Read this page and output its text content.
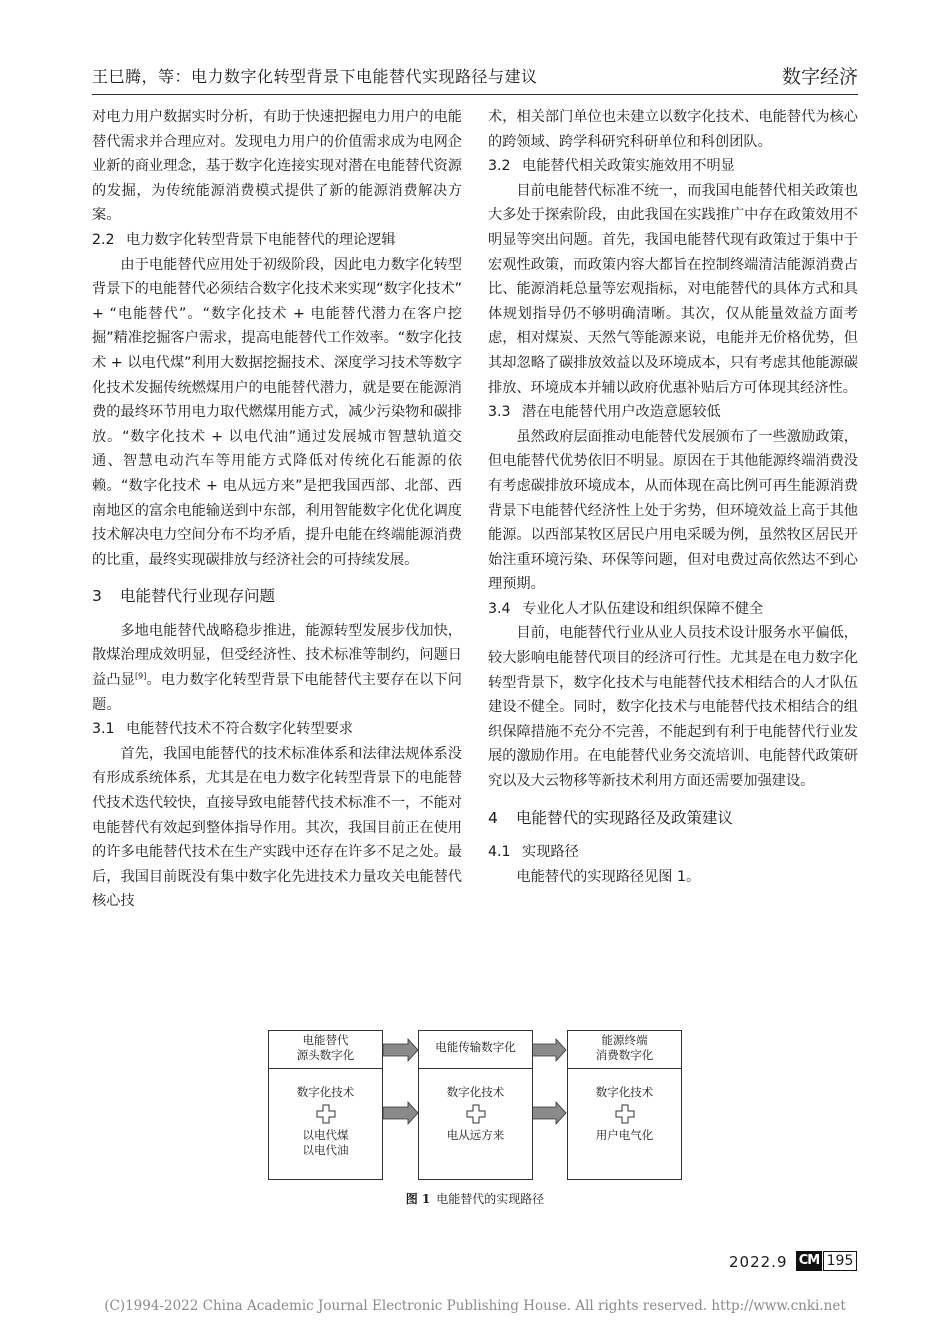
王巳腾，等：电力数字化转型背景下电能替代实现路径与建议	数字经济

对电力用户数据实时分析，有助于快速把握电力用户的电能替代需求并合理应对。发现电力用户的价值需求成为电网企业新的商业理念，基于数字化连接实现对潜在电能替代资源的发掘，为传统能源消费模式提供了新的能源消费解决方案。

2.2 电力数字化转型背景下电能替代的理论逻辑

由于电能替代应用处于初级阶段，因此电力数字化转型背景下的电能替代必须结合数字化技术来实现“数字化技术” + “电能替代”。“数字化技术 + 电能替代潜力在客户挖掘”精准挖掘客户需求，提高电能替代工作效率。“数字化技术 + 以电代煤”利用大数据挖掘技术、深度学习技术等数字化技术发掘传统燃煤用户的电能替代潜力，就是要在能源消费的最终环节用电力取代燃煤用能方式，减少污染物和碳排放。“数字化技术 + 以电代油”通过发展城市智慧轨道交通、智慧电动汽车等用能方式降低对传统化石能源的依赖。“数字化技术 + 电从远方来”是把我国西部、北部、西南地区的富余电能输送到中东部，利用智能数字化优化调度技术解决电力空间分布不均矛盾，提升电能在终端能源消费的比重，最终实现碳排放与经济社会的可持续发展。

3 电能替代行业现存问题

多地电能替代战略稳步推进，能源转型发展步伐加快，散煤治理成效明显，但受经济性、技术标准等制约，问题日益凸显[9]。电力数字化转型背景下电能替代主要存在以下问题。

3.1 电能替代技术不符合数字化转型要求

首先，我国电能替代的技术标准体系和法律法规体系没有形成系统体系，尤其是在电力数字化转型背景下的电能替代技术迭代较快，直接导致电能替代技术标准不一，不能对电能替代有效起到整体指导作用。其次，我国目前正在使用的许多电能替代技术在生产实践中还存在许多不足之处。最后，我国目前既没有集中数字化先进技术力量攻关电能替代核心技

术，相关部门单位也未建立以数字化技术、电能替代为核心的跨领域、跨学科研究科研单位和科创团队。

3.2 电能替代相关政策实施效用不明显

目前电能替代标准不统一，而我国电能替代相关政策也大多处于探索阶段，由此我国在实践推广中存在政策效用不明显等突出问题。首先，我国电能替代现有政策过于集中于宏观性政策，而政策内容大都旨在控制终端清洁能源消费占比、能源消耗总量等宏观指标，对电能替代的具体方式和具体规划指导仍不够明确清晰。其次，仅从能量效益方面考虑，相对煤炭、天然气等能源来说，电能并无价格优势，但其却忽略了碳排放效益以及环境成本，只有考虑其他能源碳排放、环境成本并辅以政府优惠补贴后方可体现其经济性。

3.3 潜在电能替代用户改造意愿较低

虽然政府层面推动电能替代发展颁布了一些激励政策，但电能替代优势依旧不明显。原因在于其他能源终端消费没有考虑碳排放环境成本，从而体现在高比例可再生能源消费背景下电能替代经济性上处于劣势，但环境效益上高于其他能源。以西部某牧区居民户用电采暖为例，虽然牧区居民开始注重环境污染、环保等问题，但对电费过高依然达不到心理预期。

3.4 专业化人才队伍建设和组织保障不健全

目前，电能替代行业从业人员技术设计服务水平偏低，较大影响电能替代项目的经济可行性。尤其是在电力数字化转型背景下，数字化技术与电能替代技术相结合的人才队伍建设不健全。同时，数字化技术与电能替代技术相结合的组织保障措施不充分不完善，不能起到有利于电能替代行业发展的激励作用。在电能替代业务交流培训、电能替代政策研究以及大云物移等新技术利用方面还需要加强建设。

4 电能替代的实现路径及政策建议
4.1 实现路径

电能替代的实现路径见图 1。

电能替代
源头数字化
电能传输数字化	能源终端
消费数字化
数字化技术
以电代煤
以电代油
数字化技术
电从远方来
数字化技术
用户电气化
图 1 电能替代的实现路径
2022.9 CM 195
(C)1994-2022 China Academic Journal Electronic Publishing House. All rights reserved. http://www.cnki.net
